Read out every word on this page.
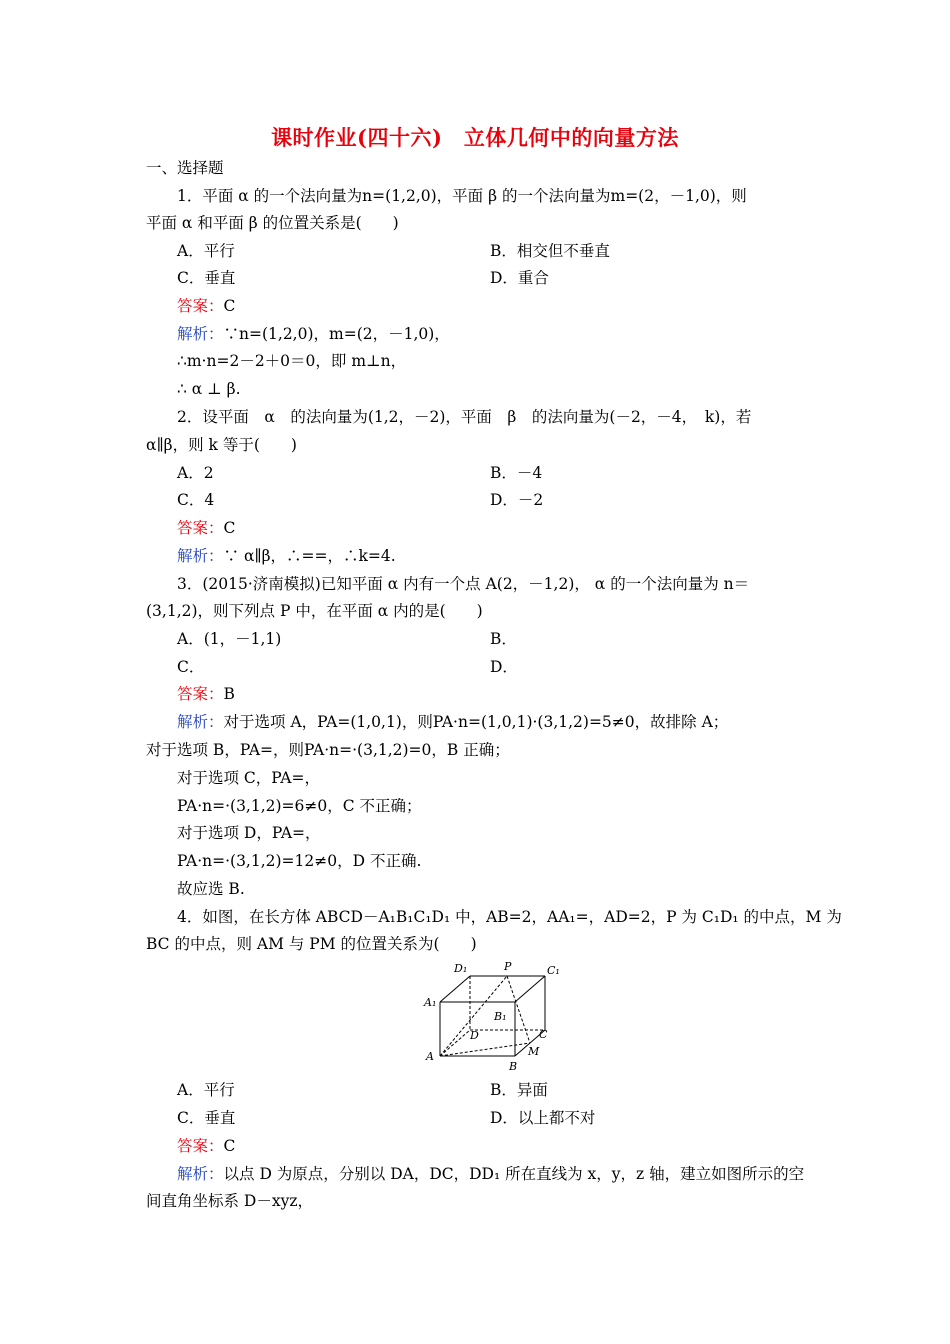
课时作业(四十六)　立体几何中的向量方法
一、选择题
1．平面 α 的一个法向量为n=(1,2,0)，平面 β 的一个法向量为m=(2，－1,0)，则
平面 α 和平面 β 的位置关系是(　　)
A．平行	B．相交但不垂直
C．垂直	D．重合
答案：C
解析：∵n=(1,2,0)，m=(2，－1,0)，
∴m·n=2－2＋0＝0，即 m⊥n，
∴ α ⊥ β.
2．设平面　α　的法向量为(1,2，－2)，平面　β　的法向量为(－2，－4，　k)，若
α∥β，则 k 等于(　　)
A．2	B．－4
C．4	D．－2
答案：C
解析：∵ α∥β，∴==，∴k=4.
3．(2015·济南模拟)已知平面 α 内有一个点 A(2，－1,2)， α 的一个法向量为 n＝
(3,1,2)，则下列点 P 中，在平面 α 内的是(　　)
A．(1，－1,1)	B．
C．	D．
答案：B
解析：对于选项 A，PA=(1,0,1)，则PA·n=(1,0,1)·(3,1,2)=5≠0，故排除 A；
对于选项 B，PA=，则PA·n=·(3,1,2)=0，B 正确；
对于选项 C，PA=，
PA·n=·(3,1,2)=6≠0，C 不正确；
对于选项 D，PA=，
PA·n=·(3,1,2)=12≠0，D 不正确.
故应选 B.
4．如图，在长方体 ABCD－A₁B₁C₁D₁ 中，AB=2，AA₁=，AD=2，P 为 C₁D₁ 的中点，M 为
BC 的中点，则 AM 与 PM 的位置关系为(　　)
D₁	P	C₁
A₁
B₁
D	C
M
A
B
A．平行	B．异面
C．垂直	D．以上都不对
答案：C
解析：以点 D 为原点，分别以 DA，DC，DD₁ 所在直线为 x，y，z 轴，建立如图所示的空
间直角坐标系 D－xyz，
